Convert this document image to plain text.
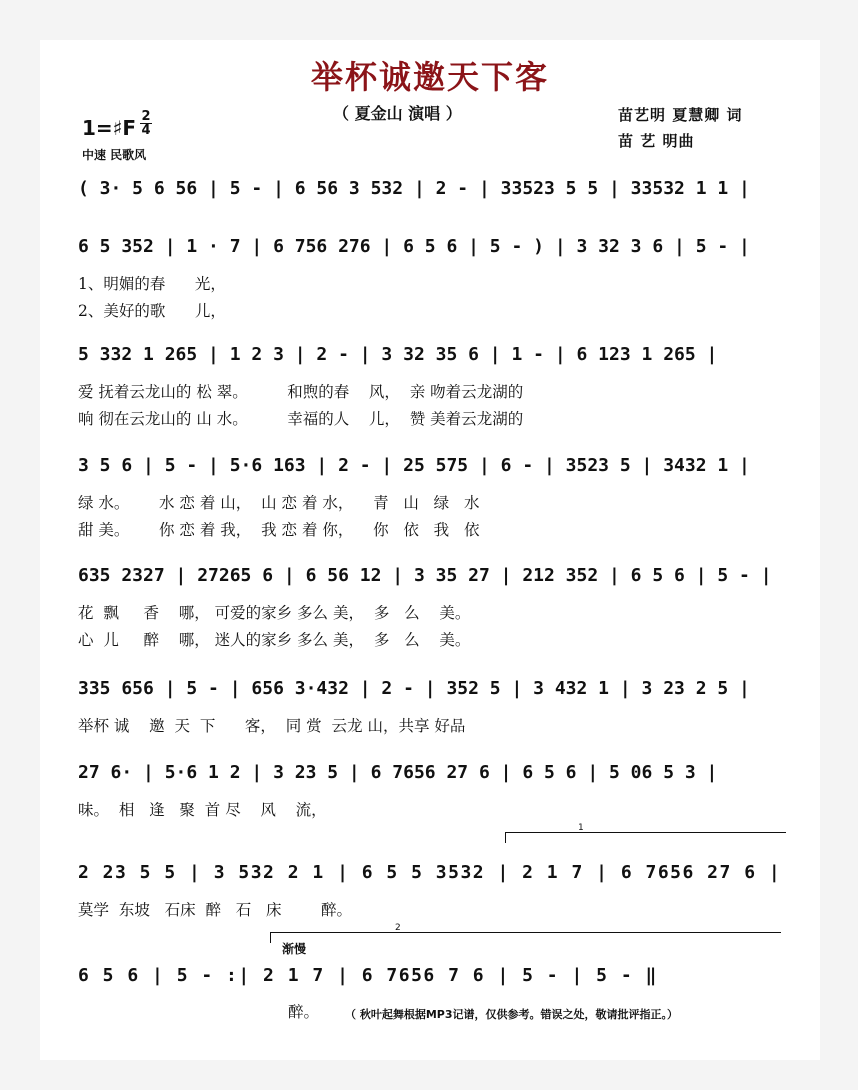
举杯诚邀天下客
（ 夏金山 演唱 ）
1=♯F 2
4
中速 民歌风
苗艺明 夏慧卿 词
苗 艺 明曲
( 3· 5 6 56 | 5 - | 6 56 3 532 | 2 - | 33523 5 5 | 33532 1 1 |
6 5 352 | 1 · 7 | 6 756 276 | 6 5 6 | 5 - ) | 3 32 3 6 | 5 - |
1、明媚的春      光，
2、美好的歌      儿，
5 332 1 265 | 1 2 3 | 2 - | 3 32 35 6 | 1 - | 6 123 1 265 |
爱 抚着云龙山的 松 翠。        和煦的春    风，  亲 吻着云龙湖的
响 彻在云龙山的 山 水。        幸福的人    儿，  赞 美着云龙湖的
3 5 6 | 5 - | 5·6 163 | 2 - | 25 575 | 6 - | 3523 5 | 3432 1 |
绿 水。      水 恋 着 山，  山 恋 着 水，    青   山   绿   水
甜 美。      你 恋 着 我，  我 恋 着 你，    你   依   我   依
635 2327 | 27265 6 | 6 56 12 | 3 35 27 | 212 352 | 6 5 6 | 5 - |
花  飘     香    哪， 可爱的家乡 多么 美，  多   么    美。
心  儿     醉    哪， 迷人的家乡 多么 美，  多   么    美。
335 656 | 5 - | 656 3·432 | 2 - | 352 5 | 3 432 1 | 3 23 2 5 |
举杯 诚    邀  天  下      客，  同 赏  云龙 山，共享 好品
27 6· | 5·6 1 2 | 3 23 5 | 6 7656 27 6 | 6 5 6 | 5 06 5 3 |
味。  相   逢   聚  首 尽    风    流，
2 23 5 5 | 3 532 2 1 | 6 5 5 3532 | 2 1 7 | 6 7656 27 6 |
莫学  东坡   石床  醉   石   床        醉。
6 5 6 | 5 - :| 2 1 7 | 6 7656 7 6 | 5 - | 5 - ‖
1
2
渐慢
醉。 （ 秋叶起舞根据MP3记谱，仅供参考。错误之处，敬请批评指正。）
